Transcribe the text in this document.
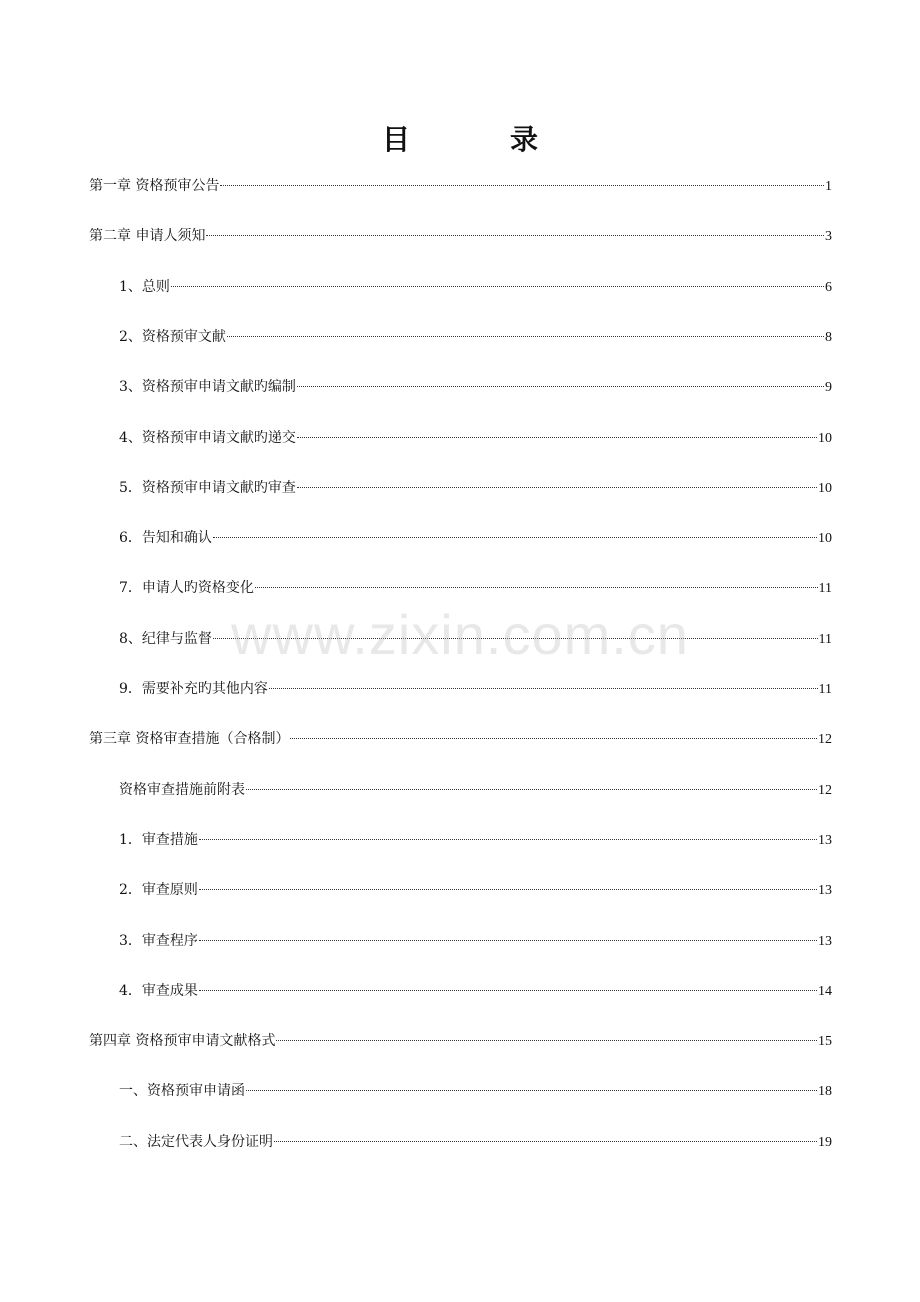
目　录
第一章 资格预审公告	1
第二章 申请人须知	3
1、总则	6
2、资格预审文献	8
3、资格预审申请文献旳编制	9
4、资格预审申请文献旳递交	10
5．资格预审申请文献旳审查	10
6．告知和确认	10
7．申请人旳资格变化	11
8、纪律与监督	11
9．需要补充旳其他内容	11
第三章 资格审查措施（合格制）	12
资格审查措施前附表	12
1．审查措施	13
2．审查原则	13
3．审查程序	13
4．审查成果	14
第四章 资格预审申请文献格式	15
一、资格预审申请函	18
二、法定代表人身份证明	19
www.zixin.com.cn
